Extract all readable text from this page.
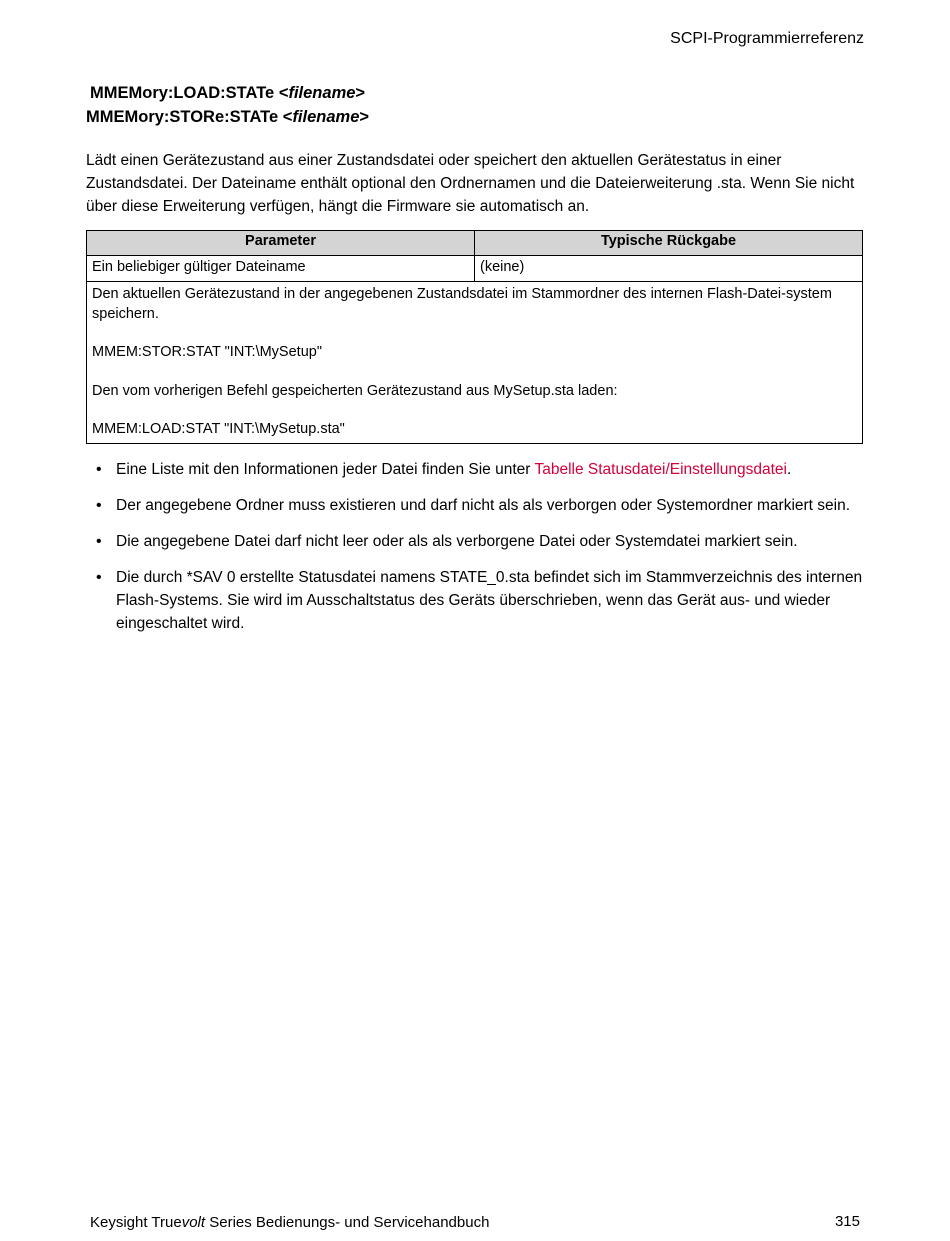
SCPI-Programmierreferenz
MMEMory:LOAD:STATe <filename>
MMEMory:STORe:STATe <filename>
Lädt einen Gerätezustand aus einer Zustandsdatei oder speichert den aktuellen Gerätestatus in einer Zustandsdatei. Der Dateiname enthält optional den Ordnernamen und die Dateierweiterung .sta. Wenn Sie nicht über diese Erweiterung verfügen, hängt die Firmware sie automatisch an.
Parameter	Typische Rückgabe
Ein beliebiger gültiger Dateiname	(keine)

Den aktuellen Gerätezustand in der angegebenen Zustandsdatei im Stammordner des internen Flash-Datei-system speichern.

MMEM:STOR:STAT "INT:\MySetup"

Den vom vorherigen Befehl gespeicherten Gerätezustand aus MySetup.sta laden:

MMEM:LOAD:STAT "INT:\MySetup.sta"	

• Eine Liste mit den Informationen jeder Datei finden Sie unter Tabelle Statusdatei/Einstellungsdatei.
• Der angegebene Ordner muss existieren und darf nicht als als verborgen oder Systemordner markiert sein.
• Die angegebene Datei darf nicht leer oder als als verborgene Datei oder Systemdatei markiert sein.
• Die durch *SAV 0 erstellte Statusdatei namens STATE_0.sta befindet sich im Stammverzeichnis des internen Flash-Systems. Sie wird im Ausschaltstatus des Geräts überschrieben, wenn das Gerät aus- und wieder eingeschaltet wird.
Keysight Truevolt Series Bedienungs- und Servicehandbuch	315
